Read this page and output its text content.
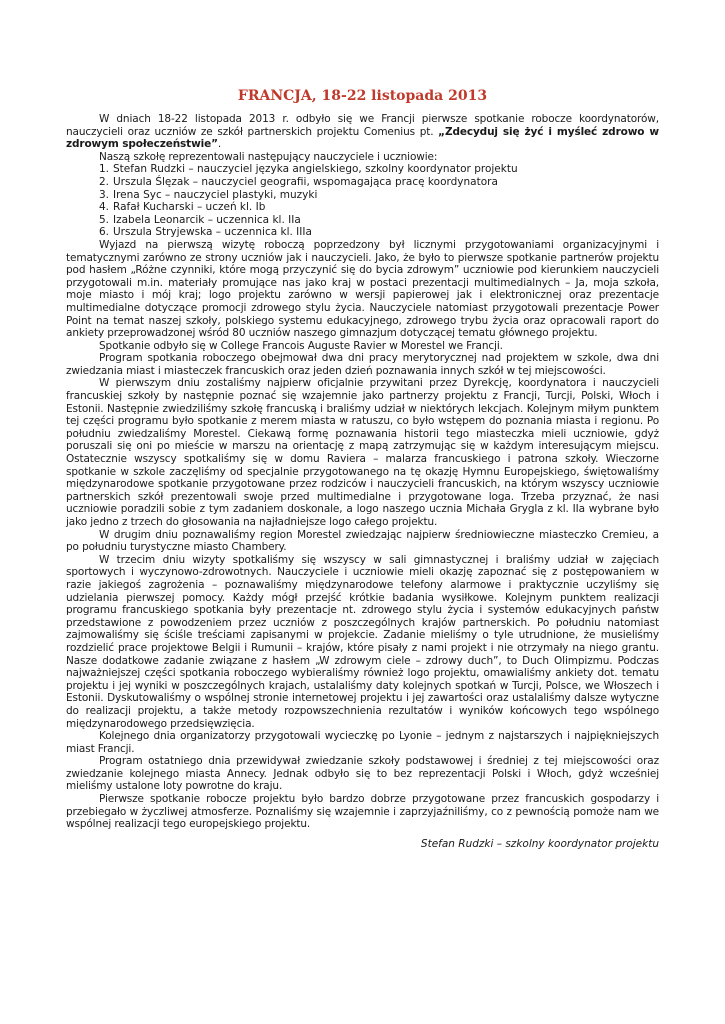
FRANCJA, 18-22 listopada 2013

W dniach 18-22 listopada 2013 r. odbyło się we Francji pierwsze spotkanie robocze koordynatorów, nauczycieli oraz uczniów ze szkół partnerskich projektu Comenius pt. „Zdecyduj się żyć i myśleć zdrowo w zdrowym społeczeństwie”.

Naszą szkołę reprezentowali następujący nauczyciele i uczniowie:

1. Stefan Rudzki – nauczyciel języka angielskiego, szkolny koordynator projektu
2. Urszula Ślęzak – nauczyciel geografii, wspomagająca pracę koordynatora
3. Irena Syc – nauczyciel plastyki, muzyki
4. Rafał Kucharski – uczeń kl. Ib
5. Izabela Leonarcik – uczennica kl. IIa
6. Urszula Stryjewska – uczennica kl. IIIa

Wyjazd na pierwszą wizytę roboczą poprzedzony był licznymi przygotowaniami organizacyjnymi i tematycznymi zarówno ze strony uczniów jak i nauczycieli. Jako, że było to pierwsze spotkanie partnerów projektu pod hasłem „Różne czynniki, które mogą przyczynić się do bycia zdrowym” uczniowie pod kierunkiem nauczycieli przygotowali m.in. materiały promujące nas jako kraj w postaci prezentacji multimedialnych – Ja, moja szkoła, moje miasto i mój kraj; logo projektu zarówno w wersji papierowej jak i elektronicznej oraz prezentacje multimedialne dotyczące promocji zdrowego stylu życia. Nauczyciele natomiast przygotowali prezentacje Power Point na temat naszej szkoły, polskiego systemu edukacyjnego, zdrowego trybu życia oraz opracowali raport do ankiety przeprowadzonej wśród 80 uczniów naszego gimnazjum dotyczącej tematu głównego projektu.

Spotkanie odbyło się w College Francois Auguste Ravier w Morestel we Francji.

Program spotkania roboczego obejmował dwa dni pracy merytorycznej nad projektem w szkole, dwa dni zwiedzania miast i miasteczek francuskich oraz jeden dzień poznawania innych szkół w tej miejscowości.

W pierwszym dniu zostaliśmy najpierw oficjalnie przywitani przez Dyrekcję, koordynatora i nauczycieli francuskiej szkoły by następnie poznać się wzajemnie jako partnerzy projektu z Francji, Turcji, Polski, Włoch i Estonii. Następnie zwiedziliśmy szkołę francuską i braliśmy udział w niektórych lekcjach. Kolejnym miłym punktem tej części programu było spotkanie z merem miasta w ratuszu, co było wstępem do poznania miasta i regionu. Po południu zwiedzaliśmy Morestel. Ciekawą formę poznawania historii tego miasteczka mieli uczniowie, gdyż poruszali się oni po mieście w marszu na orientację z mapą zatrzymując się w każdym interesującym miejscu. Ostatecznie wszyscy spotkaliśmy się w domu Raviera – malarza francuskiego i patrona szkoły. Wieczorne spotkanie w szkole zaczęliśmy od specjalnie przygotowanego na tę okazję Hymnu Europejskiego, świętowaliśmy międzynarodowe spotkanie przygotowane przez rodziców i nauczycieli francuskich, na którym wszyscy uczniowie partnerskich szkół prezentowali swoje przed multimedialne i przygotowane loga. Trzeba przyznać, że nasi uczniowie poradzili sobie z tym zadaniem doskonale, a logo naszego ucznia Michała Grygla z kl. IIa wybrane było jako jedno z trzech do głosowania na najładniejsze logo całego projektu.

W drugim dniu poznawaliśmy region Morestel zwiedzając najpierw średniowieczne miasteczko Cremieu, a po południu turystyczne miasto Chambery.

W trzecim dniu wizyty spotkaliśmy się wszyscy w sali gimnastycznej i braliśmy udział w zajęciach sportowych i wyczynowo-zdrowotnych. Nauczyciele i uczniowie mieli okazję zapoznać się z postępowaniem w razie jakiegoś zagrożenia – poznawaliśmy międzynarodowe telefony alarmowe i praktycznie uczyliśmy się udzielania pierwszej pomocy. Każdy mógł przejść krótkie badania wysiłkowe. Kolejnym punktem realizacji programu francuskiego spotkania były prezentacje nt. zdrowego stylu życia i systemów edukacyjnych państw przedstawione z powodzeniem przez uczniów z poszczególnych krajów partnerskich. Po południu natomiast zajmowaliśmy się ściśle treściami zapisanymi w projekcie. Zadanie mieliśmy o tyle utrudnione, że musieliśmy rozdzielić prace projektowe Belgii i Rumunii – krajów, które pisały z nami projekt i nie otrzymały na niego grantu. Nasze dodatkowe zadanie związane z hasłem „W zdrowym ciele – zdrowy duch”, to Duch Olimpizmu. Podczas najważniejszej części spotkania roboczego wybieraliśmy również logo projektu, omawialiśmy ankiety dot. tematu projektu i jej wyniki w poszczególnych krajach, ustalaliśmy daty kolejnych spotkań w Turcji, Polsce, we Włoszech i Estonii. Dyskutowaliśmy o wspólnej stronie internetowej projektu i jej zawartości oraz ustalaliśmy dalsze wytyczne do realizacji projektu, a także metody rozpowszechnienia rezultatów i wyników końcowych tego wspólnego międzynarodowego przedsięwzięcia.

Kolejnego dnia organizatorzy przygotowali wycieczkę po Lyonie – jednym z najstarszych i najpiękniejszych miast Francji.

Program ostatniego dnia przewidywał zwiedzanie szkoły podstawowej i średniej z tej miejscowości oraz zwiedzanie kolejnego miasta Annecy. Jednak odbyło się to bez reprezentacji Polski i Włoch, gdyż wcześniej mieliśmy ustalone loty powrotne do kraju.

Pierwsze spotkanie robocze projektu było bardzo dobrze przygotowane przez francuskich gospodarzy i przebiegało w życzliwej atmosferze. Poznaliśmy się wzajemnie i zaprzyjaźniliśmy, co z pewnością pomoże nam we wspólnej realizacji tego europejskiego projektu.

Stefan Rudzki – szkolny koordynator projektu
